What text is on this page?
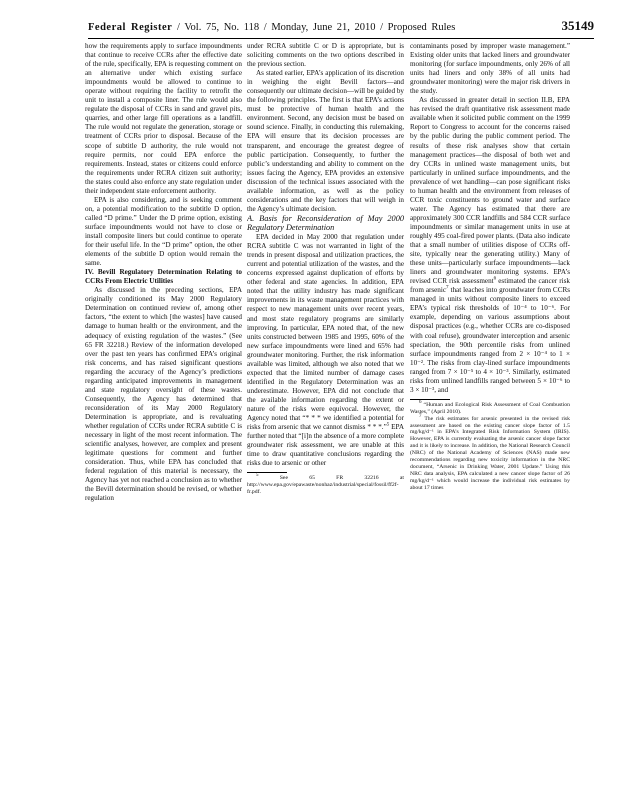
Federal Register / Vol. 75, No. 118 / Monday, June 21, 2010 / Proposed Rules	35149

how the requirements apply to surface impoundments that continue to receive CCRs after the effective date of the rule, specifically, EPA is requesting comment on an alternative under which existing surface impoundments would be allowed to continue to operate without requiring the facility to retrofit the unit to install a composite liner. The rule would also regulate the disposal of CCRs in sand and gravel pits, quarries, and other large fill operations as a landfill. The rule would not regulate the generation, storage or treatment of CCRs prior to disposal. Because of the scope of subtitle D authority, the rule would not require permits, nor could EPA enforce the requirements. Instead, states or citizens could enforce the requirements under RCRA citizen suit authority; the states could also enforce any state regulation under their independent state enforcement authority.

EPA is also considering, and is seeking comment on, a potential modification to the subtitle D option, called “D prime.” Under the D prime option, existing surface impoundments would not have to close or install composite liners but could continue to operate for their useful life. In the “D prime” option, the other elements of the subtitle D option would remain the same.

IV. Bevill Regulatory Determination Relating to CCRs From Electric Utilities

As discussed in the preceding sections, EPA originally conditioned its May 2000 Regulatory Determination on continued review of, among other factors, “the extent to which [the wastes] have caused damage to human health or the environment, and the adequacy of existing regulation of the wastes.” (See 65 FR 32218.) Review of the information developed over the past ten years has confirmed EPA’s original risk concerns, and has raised significant questions regarding the accuracy of the Agency’s predictions regarding anticipated improvements in management and state regulatory oversight of these wastes. Consequently, the Agency has determined that reconsideration of its May 2000 Regulatory Determination is appropriate, and is revaluating whether regulation of CCRs under RCRA subtitle C is necessary in light of the most recent information. The scientific analyses, however, are complex and present legitimate questions for comment and further consideration. Thus, while EPA has concluded that federal regulation of this material is necessary, the Agency has yet not reached a conclusion as to whether the Bevill determination should be revised, or whether regulation

under RCRA subtitle C or D is appropriate, but is soliciting comments on the two options described in the previous section.

As stated earlier, EPA’s application of its discretion in weighing the eight Bevill factors—and consequently our ultimate decision—will be guided by the following principles. The first is that EPA’s actions must be protective of human health and the environment. Second, any decision must be based on sound science. Finally, in conducting this rulemaking, EPA will ensure that its decision processes are transparent, and encourage the greatest degree of public participation. Consequently, to further the public’s understanding and ability to comment on the issues facing the Agency, EPA provides an extensive discussion of the technical issues associated with the available information, as well as the policy considerations and the key factors that will weigh in the Agency’s ultimate decision.

A. Basis for Reconsideration of May 2000 Regulatory Determination

EPA decided in May 2000 that regulation under RCRA subtitle C was not warranted in light of the trends in present disposal and utilization practices, the current and potential utilization of the wastes, and the concerns expressed against duplication of efforts by other federal and state agencies. In addition, EPA noted that the utility industry has made significant improvements in its waste management practices with respect to new management units over recent years, and most state regulatory programs are similarly improving. In particular, EPA noted that, of the new units constructed between 1985 and 1995, 60% of the new surface impoundments were lined and 65% had groundwater monitoring. Further, the risk information available was limited, although we also noted that we expected that the limited number of damage cases identified in the Regulatory Determination was an underestimate. However, EPA did not conclude that the available information regarding the extent or nature of the risks were equivocal. However, the Agency noted that “* * * we identified a potential for risks from arsenic that we cannot dismiss * * *.”$^5$ EPA further noted that “[i]n the absence of a more complete groundwater risk assessment, we are unable at this time to draw quantitative conclusions regarding the risks due to arsenic or other

5 See 65 FR 32216 at http://www.epa.gov/epawaste/nonhaz/industrial/special/fossil/ff2f-fr.pdf.

contaminants posed by improper waste management.” Existing older units that lacked liners and groundwater monitoring (for surface impoundments, only 26% of all units had liners and only 38% of all units had groundwater monitoring) were the major risk drivers in the study.

As discussed in greater detail in section II.B, EPA has revised the draft quantitative risk assessment made available when it solicited public comment on the 1999 Report to Congress to account for the concerns raised by the public during the public comment period. The results of these risk analyses show that certain management practices—the disposal of both wet and dry CCRs in unlined waste management units, but particularly in unlined surface impoundments, and the prevalence of wet handling—can pose significant risks to human health and the environment from releases of CCR toxic constituents to ground water and surface water. The Agency has estimated that there are approximately 300 CCR landfills and 584 CCR surface impoundments or similar management units in use at roughly 495 coal-fired power plants. (Data also indicate that a small number of utilities dispose of CCRs off-site, typically near the generating utility.) Many of these units—particularly surface impoundments—lack liners and groundwater monitoring systems. EPA’s revised CCR risk assessment$^6$ estimated the cancer risk from arsenic$^7$ that leaches into groundwater from CCRs managed in units without composite liners to exceed EPA’s typical risk thresholds of 10⁻⁴ to 10⁻⁶. For example, depending on various assumptions about disposal practices (e.g., whether CCRs are co-disposed with coal refuse), groundwater interception and arsenic speciation, the 90th percentile risks from unlined surface impoundments ranged from 2 × 10⁻⁴ to 1 × 10⁻². The risks from clay-lined surface impoundments ranged from 7 × 10⁻⁵ to 4 × 10⁻³. Similarly, estimated risks from unlined landfills ranged between 5 × 10⁻⁶ to 3 × 10⁻³, and

6 “Human and Ecological Risk Assessment of Coal Combustion Wastes,” (April 2010).

7 The risk estimates for arsenic presented in the revised risk assessment are based on the existing cancer slope factor of 1.5 mg/kg/d⁻¹ in EPA’s Integrated Risk Information System (IRIS). However, EPA is currently evaluating the arsenic cancer slope factor and it is likely to increase. In addition, the National Research Council (NRC) of the National Academy of Sciences (NAS) made new recommendations regarding new toxicity information in the NRC document, “Arsenic in Drinking Water, 2001 Update.” Using this NRC data analysis, EPA calculated a new cancer slope factor of 26 mg/kg/d⁻¹ which would increase the individual risk estimates by about 17 times
